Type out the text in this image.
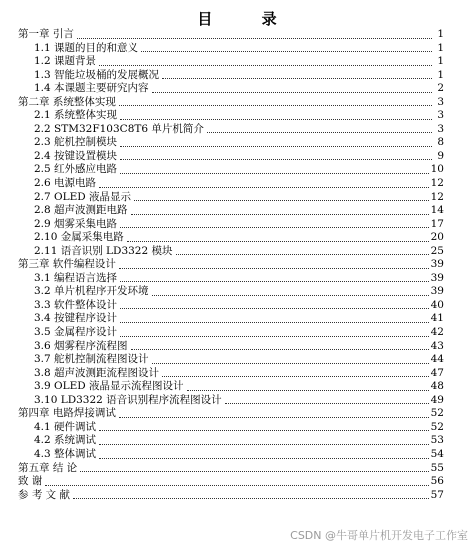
目 录
第一章 引言	1
1.1 课题的目的和意义	1
1.2 课题背景	1
1.3 智能垃圾桶的发展概况	1
1.4 本课题主要研究内容	2
第二章 系统整体实现	3
2.1 系统整体实现	3
2.2 STM32F103C8T6 单片机简介	3
2.3 舵机控制模块	8
2.4 按键设置模块	9
2.5 红外感应电路	10
2.6 电源电路	12
2.7 OLED 液晶显示	12
2.8 超声波测距电路	14
2.9 烟雾采集电路	17
2.10 金属采集电路	20
2.11 语音识别 LD3322 模块	25
第三章 软件编程设计	39
3.1 编程语言选择	39
3.2 单片机程序开发环境	39
3.3 软件整体设计	40
3.4 按键程序设计	41
3.5 金属程序设计	42
3.6 烟雾程序流程图	43
3.7 舵机控制流程图设计	44
3.8 超声波测距流程图设计	47
3.9 OLED 液晶显示流程图设计	48
3.10 LD3322 语音识别程序流程图设计	49
第四章 电路焊接调试	52
4.1 硬件调试	52
4.2 系统调试	53
4.3 整体调试	54
第五章 结 论	55
致 谢	56
参 考 文 献	57
CSDN @牛哥单片机开发电子工作室
